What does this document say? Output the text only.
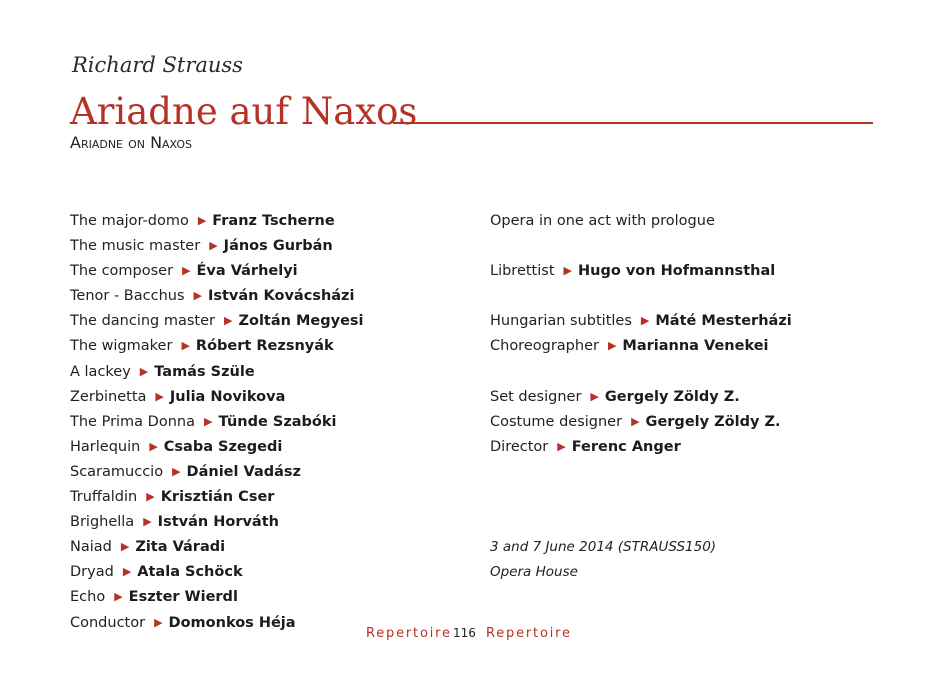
Richard Strauss

Ariadne auf Naxos

Ariadne on Naxos

The major-domo ▶ Franz Tscherne
The music master ▶ János Gurbán
The composer ▶ Éva Várhelyi
Tenor - Bacchus ▶ István Kovácsházi
The dancing master ▶ Zoltán Megyesi
The wigmaker ▶ Róbert Rezsnyák
A lackey ▶ Tamás Szüle
Zerbinetta ▶ Julia Novikova
The Prima Donna ▶ Tünde Szabóki
Harlequin ▶ Csaba Szegedi
Scaramuccio ▶ Dániel Vadász
Truffaldin ▶ Krisztián Cser
Brighella ▶ István Horváth
Naiad ▶ Zita Váradi
Dryad ▶ Atala Schöck
Echo ▶ Eszter Wierdl
Conductor ▶ Domonkos Héja
Opera in one act with prologue
Librettist ▶ Hugo von Hofmannsthal
Hungarian subtitles ▶ Máté Mesterházi
Choreographer ▶ Marianna Venekei
Set designer ▶ Gergely Zöldy Z.
Costume designer ▶ Gergely Zöldy Z.
Director ▶ Ferenc Anger
3 and 7 June 2014 (STRAUSS150)
Opera House
Repertoire 116 Repertoire
